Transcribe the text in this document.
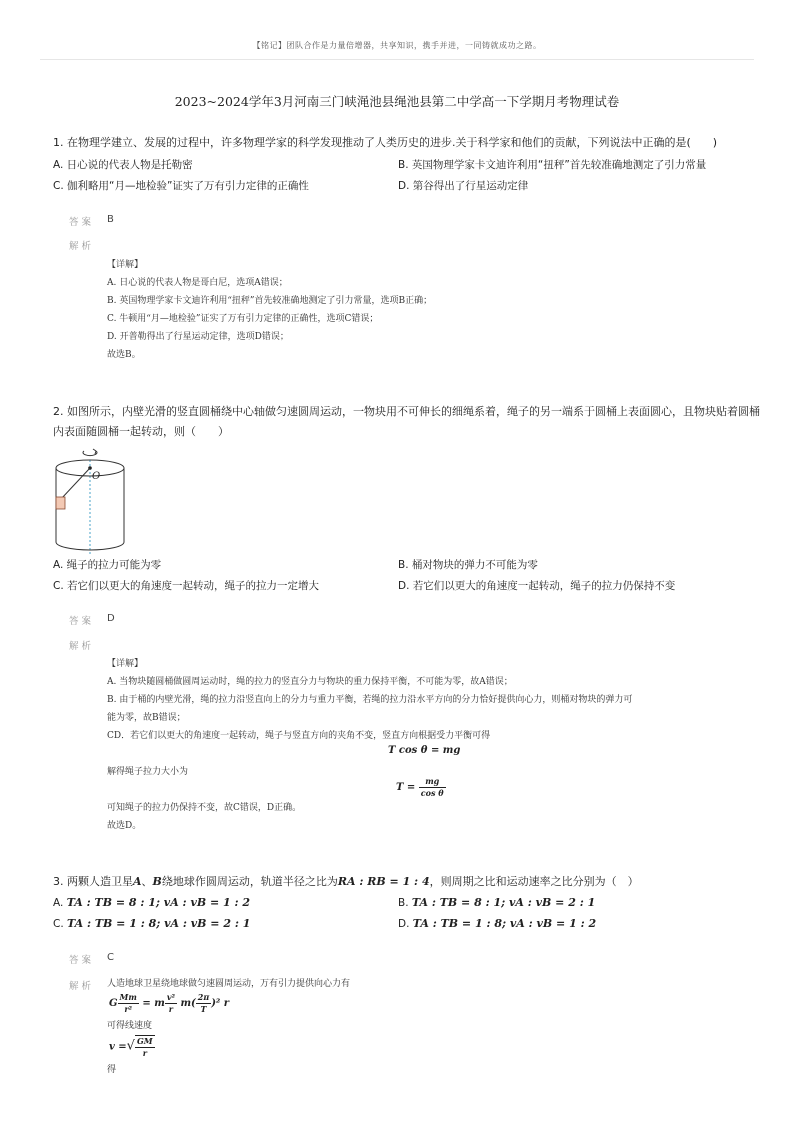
【铭记】团队合作是力量倍增器，共享知识，携手并进，一同铸就成功之路。
2023~2024学年3月河南三门峡渑池县绳池县第二中学高一下学期月考物理试卷
1. 在物理学建立、发展的过程中，许多物理学家的科学发现推动了人类历史的进步.关于科学家和他们的贡献，下列说法中正确的是(　　)
A. 日心说的代表人物是托勒密	B. 英国物理学家卡文迪许利用“扭秤”首先较准确地测定了引力常量
C. 伽利略用“月—地检验”证实了万有引力定律的正确性	D. 第谷得出了行星运动定律
答案 B
解析
【详解】
A. 日心说的代表人物是哥白尼，选项A错误；
B. 英国物理学家卡文迪许利用“扭秤”首先较准确地测定了引力常量，选项B正确；
C. 牛顿用“月—地检验”证实了万有引力定律的正确性，选项C错误；
D. 开普勒得出了行星运动定律，选项D错误；
故选B。
2. 如图所示，内壁光滑的竖直圆桶绕中心轴做匀速圆周运动，一物块用不可伸长的细绳系着，绳子的另一端系于圆桶上表面圆心，且物块贴着圆桶内表面随圆桶一起转动，则（　　）
O
A. 绳子的拉力可能为零	B. 桶对物块的弹力不可能为零
C. 若它们以更大的角速度一起转动，绳子的拉力一定增大	D. 若它们以更大的角速度一起转动，绳子的拉力仍保持不变
答案 D
解析
【详解】
A. 当物块随圆桶做圆周运动时，绳的拉力的竖直分力与物块的重力保持平衡，不可能为零，故A错误；
B. 由于桶的内壁光滑，绳的拉力沿竖直向上的分力与重力平衡，若绳的拉力沿水平方向的分力恰好提供向心力，则桶对物块的弹力可
能为零，故B错误；
CD．若它们以更大的角速度一起转动，绳子与竖直方向的夹角不变，竖直方向根据受力平衡可得
T cos θ = mg
解得绳子拉力大小为
$T = \frac{mg}{\text{cos θ}}$
可知绳子的拉力仍保持不变，故C错误，D正确。
故选D。
3. 两颗人造卫星A、B绕地球作圆周运动，轨道半径之比为RA : RB = 1 : 4，则周期之比和运动速率之比分别为（　）
A. TA : TB = 8 : 1; vA : vB = 1 : 2	B. TA : TB = 8 : 1; vA : vB = 2 : 1
C. TA : TB = 1 : 8; vA : vB = 2 : 1	D. TA : TB = 1 : 8; vA : vB = 1 : 2
答案 C
解析 人造地球卫星绕地球做匀速圆周运动，万有引力提供向心力有
G $\frac{Mm}{\text{r²}} = m \frac{\text{v²}}{r} m( \frac{2\pi}{T} )^2$ r
可得线速度
v =√ $\frac{GM}{r}$
得
